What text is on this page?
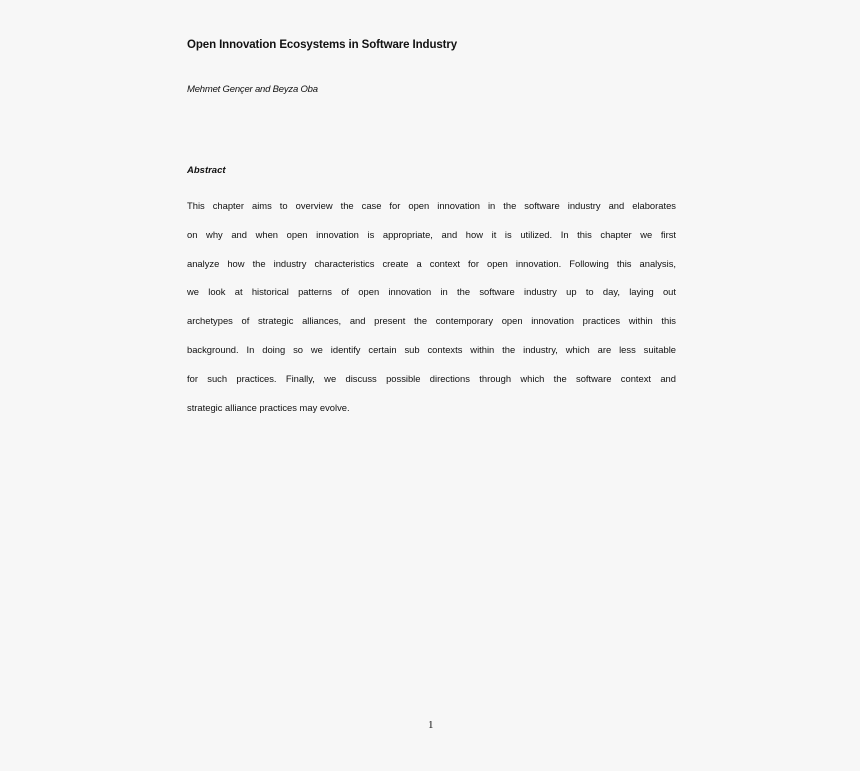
Open Innovation Ecosystems in Software Industry
Mehmet Gençer and Beyza Oba
Abstract
This chapter aims to overview the case for open innovation in the software industry and elaborates
on why and when open innovation is appropriate, and how it is utilized. In this chapter we first
analyze how the industry characteristics create a context for open innovation. Following this analysis,
we look at historical patterns of open innovation in the software industry up to day, laying out
archetypes of strategic alliances, and present the contemporary open innovation practices within this
background. In doing so we identify certain sub contexts within the industry, which are less suitable
for such practices. Finally, we discuss possible directions through which the software context and
strategic alliance practices may evolve.
1
